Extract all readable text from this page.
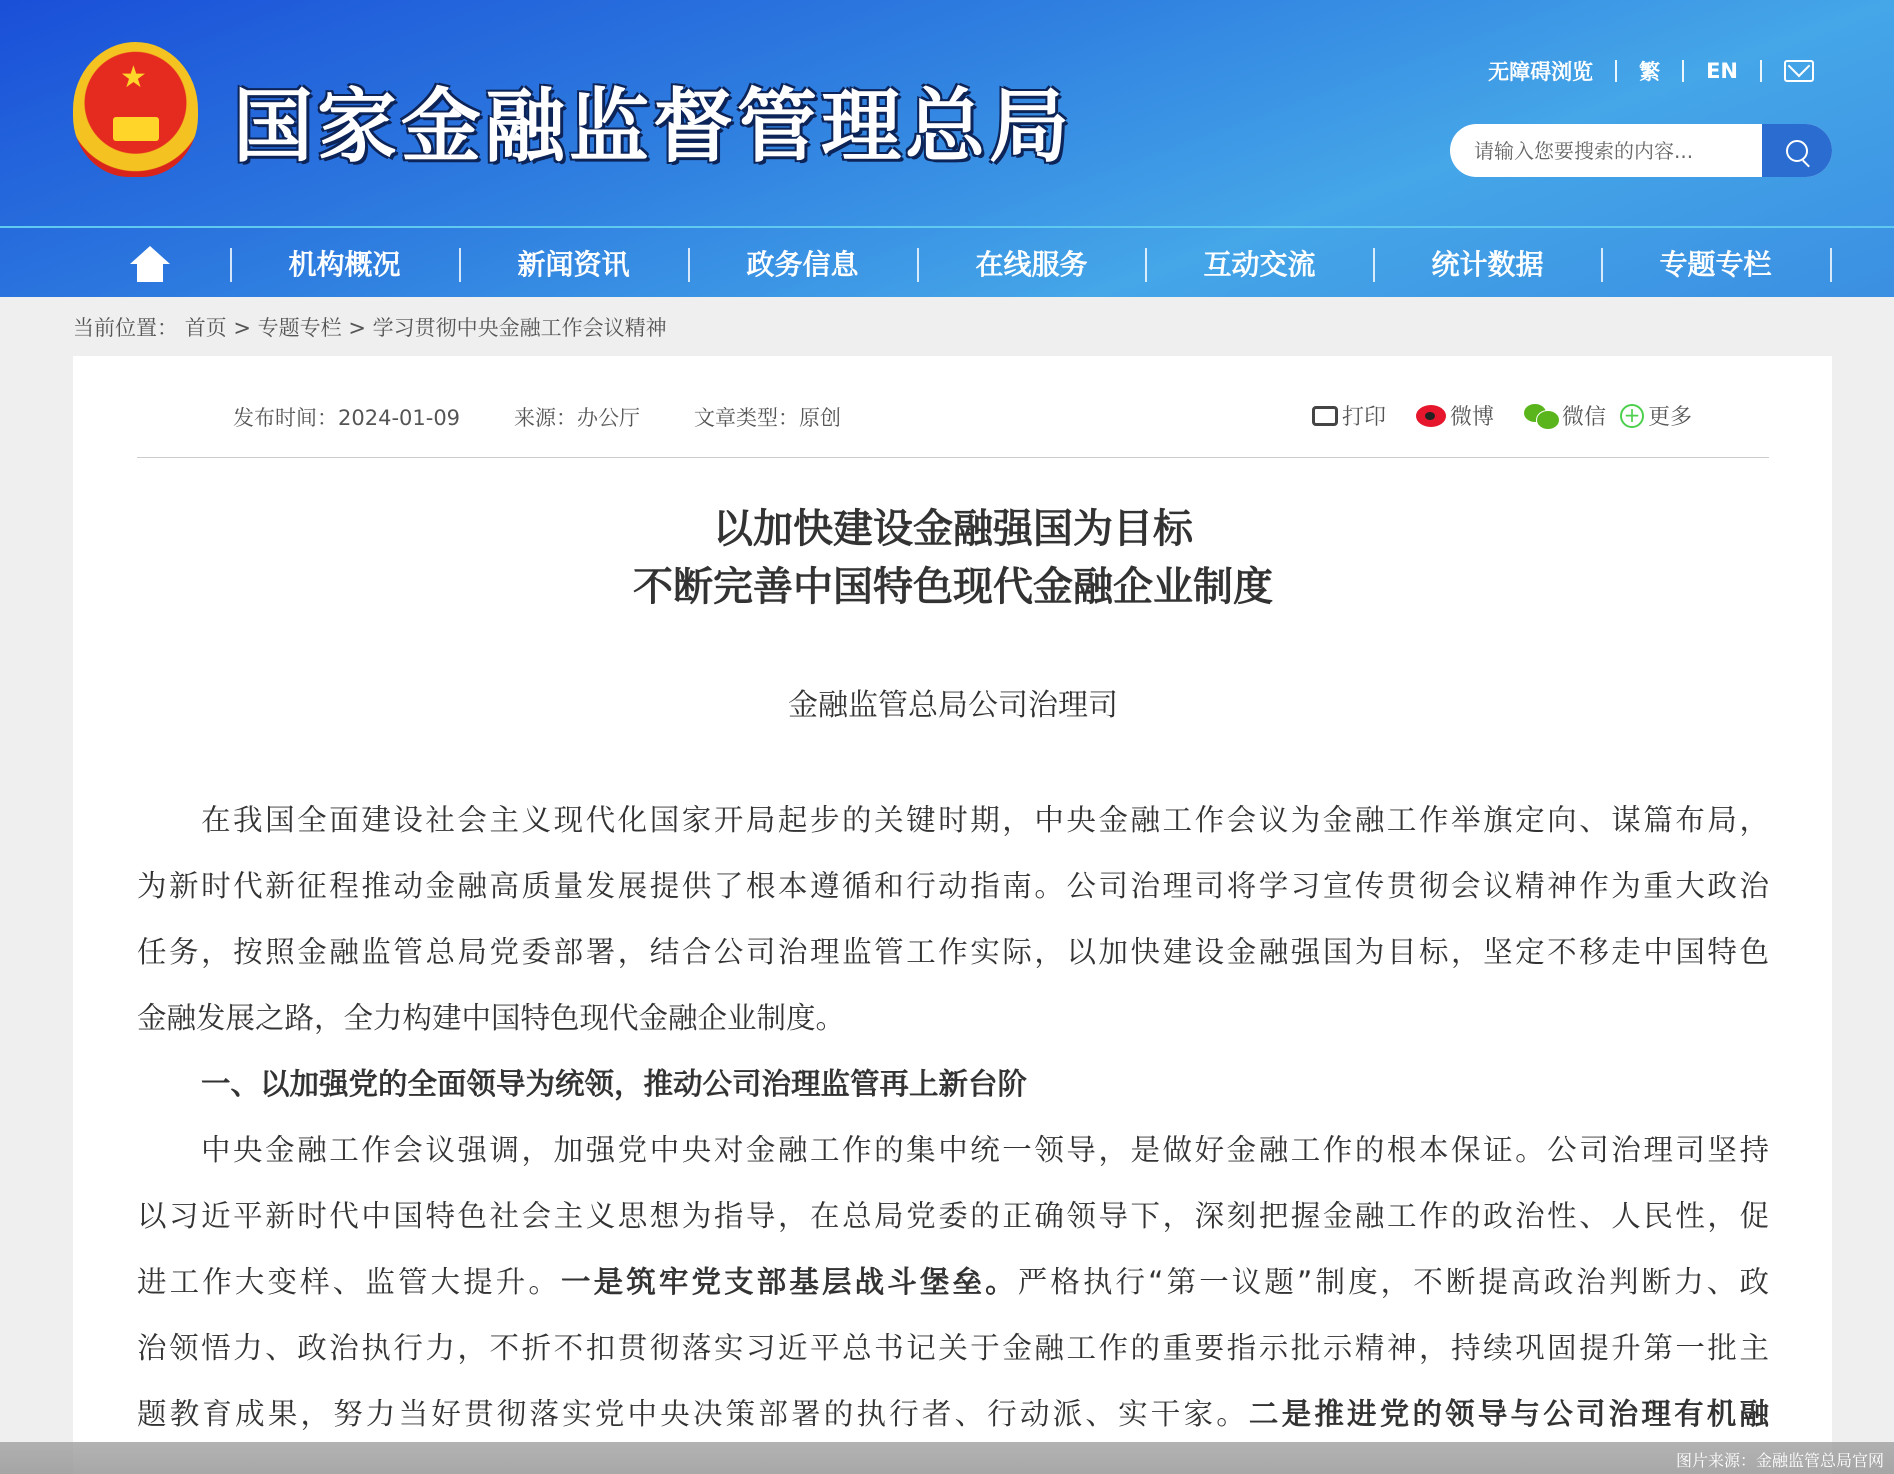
★
国家金融监督管理总局
无障碍浏览 繁 EN
请输入您要搜索的内容...
机构概况	新闻资讯	政务信息	在线服务	互动交流	统计数据	专题专栏
当前位置： 首页 > 专题专栏 > 学习贯彻中央金融工作会议精神
发布时间：2024-01-09	来源：办公厅	文章类型：原创	打印	微博	微信 + 更多
以加快建设金融强国为目标
不断完善中国特色现代金融企业制度
金融监管总局公司治理司
在我国全面建设社会主义现代化国家开局起步的关键时期，中央金融工作会议为金融工作举旗定向、谋篇布局，
为新时代新征程推动金融高质量发展提供了根本遵循和行动指南。公司治理司将学习宣传贯彻会议精神作为重大政治
任务，按照金融监管总局党委部署，结合公司治理监管工作实际，以加快建设金融强国为目标，坚定不移走中国特色
金融发展之路，全力构建中国特色现代金融企业制度。
一、以加强党的全面领导为统领，推动公司治理监管再上新台阶
中央金融工作会议强调，加强党中央对金融工作的集中统一领导，是做好金融工作的根本保证。公司治理司坚持
以习近平新时代中国特色社会主义思想为指导，在总局党委的正确领导下，深刻把握金融工作的政治性、人民性，促
进工作大变样、监管大提升。一是筑牢党支部基层战斗堡垒。严格执行“第一议题”制度，不断提高政治判断力、政
治领悟力、政治执行力，不折不扣贯彻落实习近平总书记关于金融工作的重要指示批示精神，持续巩固提升第一批主
题教育成果，努力当好贯彻落实党中央决策部署的执行者、行动派、实干家。二是推进党的领导与公司治理有机融
图片来源：金融监管总局官网
